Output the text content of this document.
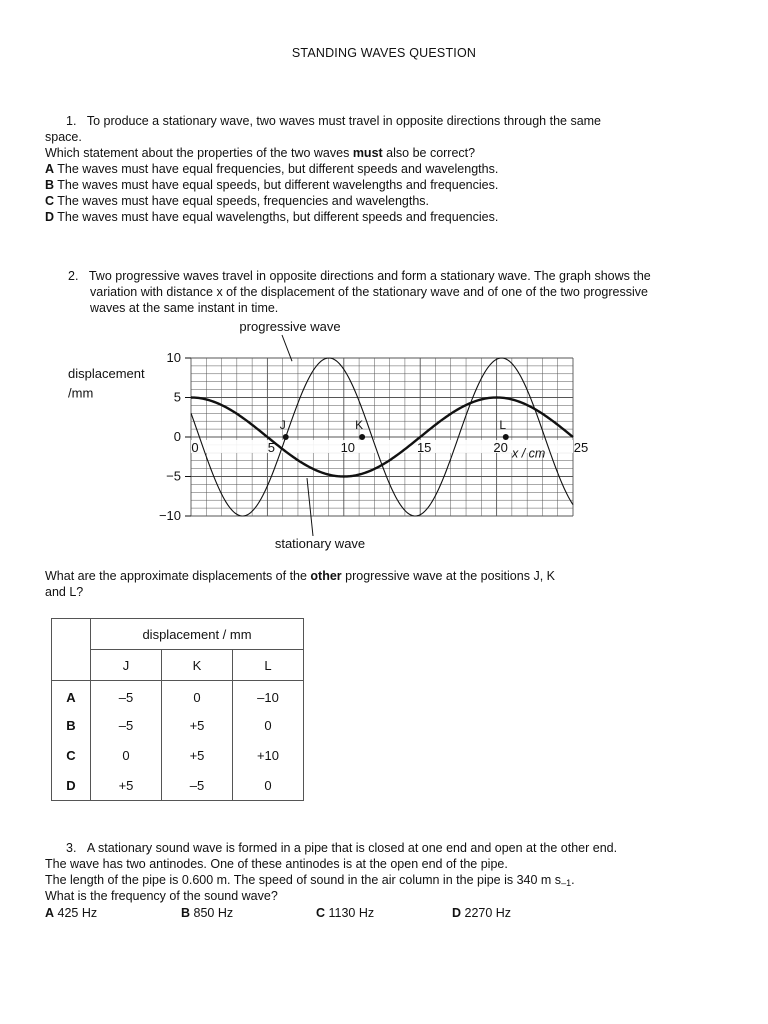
STANDING WAVES QUESTION
1. To produce a stationary wave, two waves must travel in opposite directions through the same
space.
Which statement about the properties of the two waves must also be correct?
A The waves must have equal frequencies, but different speeds and wavelengths.
B The waves must have equal speeds, but different wavelengths and frequencies.
C The waves must have equal speeds, frequencies and wavelengths.
D The waves must have equal wavelengths, but different speeds and frequencies.
2. Two progressive waves travel in opposite directions and form a stationary wave. The graph shows the
variation with distance x of the displacement of the stationary wave and of one of the two progressive
waves at the same instant in time.
10
5
0
−5
−10
0	5	10	15	20	25
x / cm
displacement
/mm
J	K	L
progressive wave
stationary wave
What are the approximate displacements of the other progressive wave at the positions J, K
and L?
	displacement / mm		
	J	K	L
A	–5	0	–10
B	–5	+5	0
C	0	+5	+10
D	+5	–5	0
3. A stationary sound wave is formed in a pipe that is closed at one end and open at the other end.
The wave has two antinodes. One of these antinodes is at the open end of the pipe.
The length of the pipe is 0.600 m. The speed of sound in the air column in the pipe is 340 m s–1.
What is the frequency of the sound wave?
A 425 Hz	B 850 Hz	C 1130 Hz	D 2270 Hz
